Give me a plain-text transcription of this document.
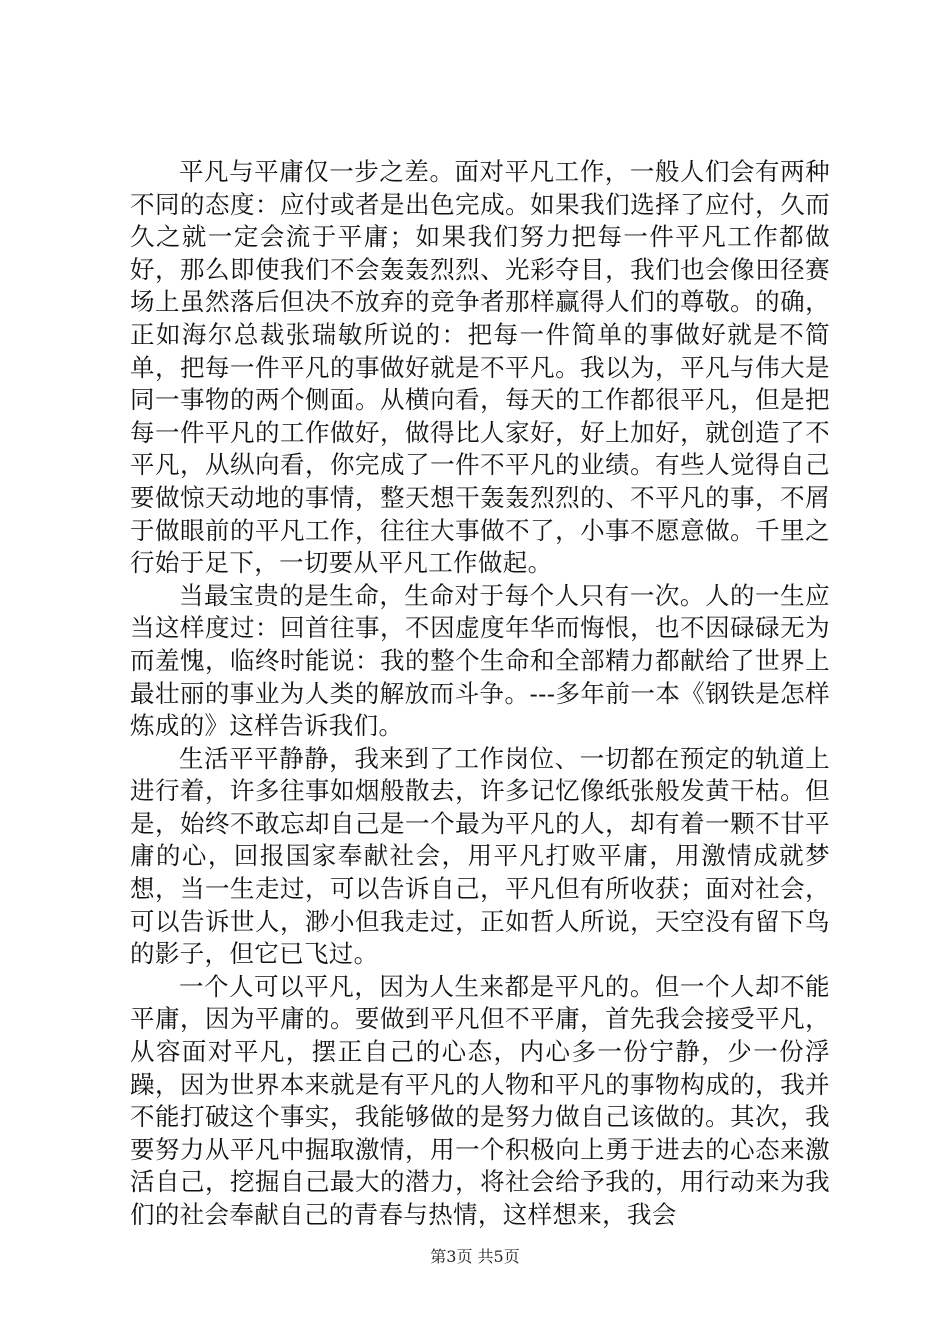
平凡与平庸仅一步之差。面对平凡工作，一般人们会有两种不同的态度：应付或者是出色完成。如果我们选择了应付，久而久之就一定会流于平庸；如果我们努力把每一件平凡工作都做好，那么即使我们不会轰轰烈烈、光彩夺目，我们也会像田径赛场上虽然落后但决不放弃的竞争者那样赢得人们的尊敬。的确，正如海尔总裁张瑞敏所说的：把每一件简单的事做好就是不简单，把每一件平凡的事做好就是不平凡。我以为，平凡与伟大是同一事物的两个侧面。从横向看，每天的工作都很平凡，但是把每一件平凡的工作做好，做得比人家好，好上加好，就创造了不平凡，从纵向看，你完成了一件不平凡的业绩。有些人觉得自己要做惊天动地的事情，整天想干轰轰烈烈的、不平凡的事，不屑于做眼前的平凡工作，往往大事做不了，小事不愿意做。千里之行始于足下，一切要从平凡工作做起。

当最宝贵的是生命，生命对于每个人只有一次。人的一生应当这样度过：回首往事，不因虚度年华而悔恨，也不因碌碌无为而羞愧，临终时能说：我的整个生命和全部精力都献给了世界上最壮丽的事业为人类的解放而斗争。---多年前一本《钢铁是怎样炼成的》这样告诉我们。

生活平平静静，我来到了工作岗位、一切都在预定的轨道上进行着，许多往事如烟般散去，许多记忆像纸张般发黄干枯。但是，始终不敢忘却自己是一个最为平凡的人，却有着一颗不甘平庸的心，回报国家奉献社会，用平凡打败平庸，用激情成就梦想，当一生走过，可以告诉自己，平凡但有所收获；面对社会，可以告诉世人，渺小但我走过，正如哲人所说，天空没有留下鸟的影子，但它已飞过。

一个人可以平凡，因为人生来都是平凡的。但一个人却不能平庸，因为平庸的。要做到平凡但不平庸，首先我会接受平凡，从容面对平凡，摆正自己的心态，内心多一份宁静，少一份浮躁，因为世界本来就是有平凡的人物和平凡的事物构成的，我并不能打破这个事实，我能够做的是努力做自己该做的。其次，我要努力从平凡中掘取激情，用一个积极向上勇于进去的心态来激活自己，挖掘自己最大的潜力，将社会给予我的，用行动来为我们的社会奉献自己的青春与热情，这样想来，我会

第3页 共5页
